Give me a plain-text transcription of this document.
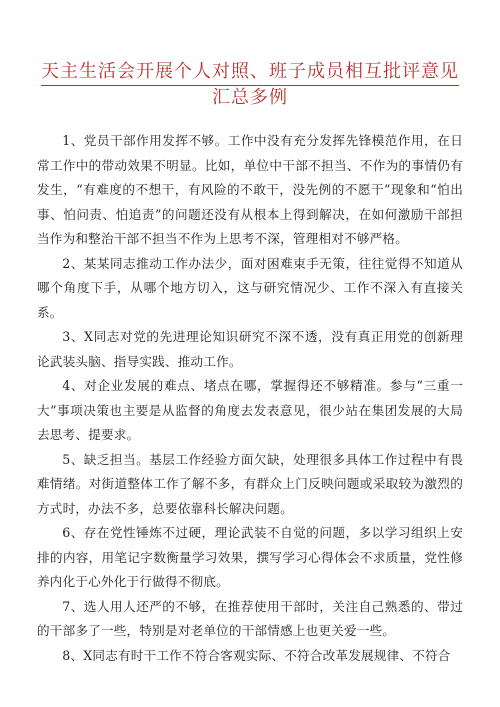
天主生活会开展个人对照、班子成员相互批评意见
汇总多例

1、党员干部作用发挥不够。工作中没有充分发挥先锋模范作用，在日常工作中的带动效果不明显。比如，单位中干部不担当、不作为的事情仍有发生，“有难度的不想干，有风险的不敢干，没先例的不愿干”现象和“怕出事、怕问责、怕追责”的问题还没有从根本上得到解决，在如何激励干部担当作为和整治干部不担当不作为上思考不深，管理相对不够严格。

2、某某同志推动工作办法少，面对困难束手无策，往往觉得不知道从哪个角度下手，从哪个地方切入，这与研究情况少、工作不深入有直接关系。

3、X同志对党的先进理论知识研究不深不透，没有真正用党的创新理论武装头脑、指导实践、推动工作。

4、对企业发展的难点、堵点在哪，掌握得还不够精准。参与“三重一大”事项决策也主要是从监督的角度去发表意见，很少站在集团发展的大局去思考、提要求。

5、缺乏担当。基层工作经验方面欠缺，处理很多具体工作过程中有畏难情绪。对街道整体工作了解不多，有群众上门反映问题或采取较为激烈的方式时，办法不多，总要依靠科长解决问题。

6、存在党性锤炼不过硬，理论武装不自觉的问题，多以学习组织上安排的内容，用笔记字数衡量学习效果，撰写学习心得体会不求质量，党性修养内化于心外化于行做得不彻底。

7、选人用人还严的不够，在推荐使用干部时，关注自己熟悉的、带过的干部多了一些，特别是对老单位的干部情感上也更关爱一些。

8、X同志有时干工作不符合客观实际、不符合改革发展规律、不符合
